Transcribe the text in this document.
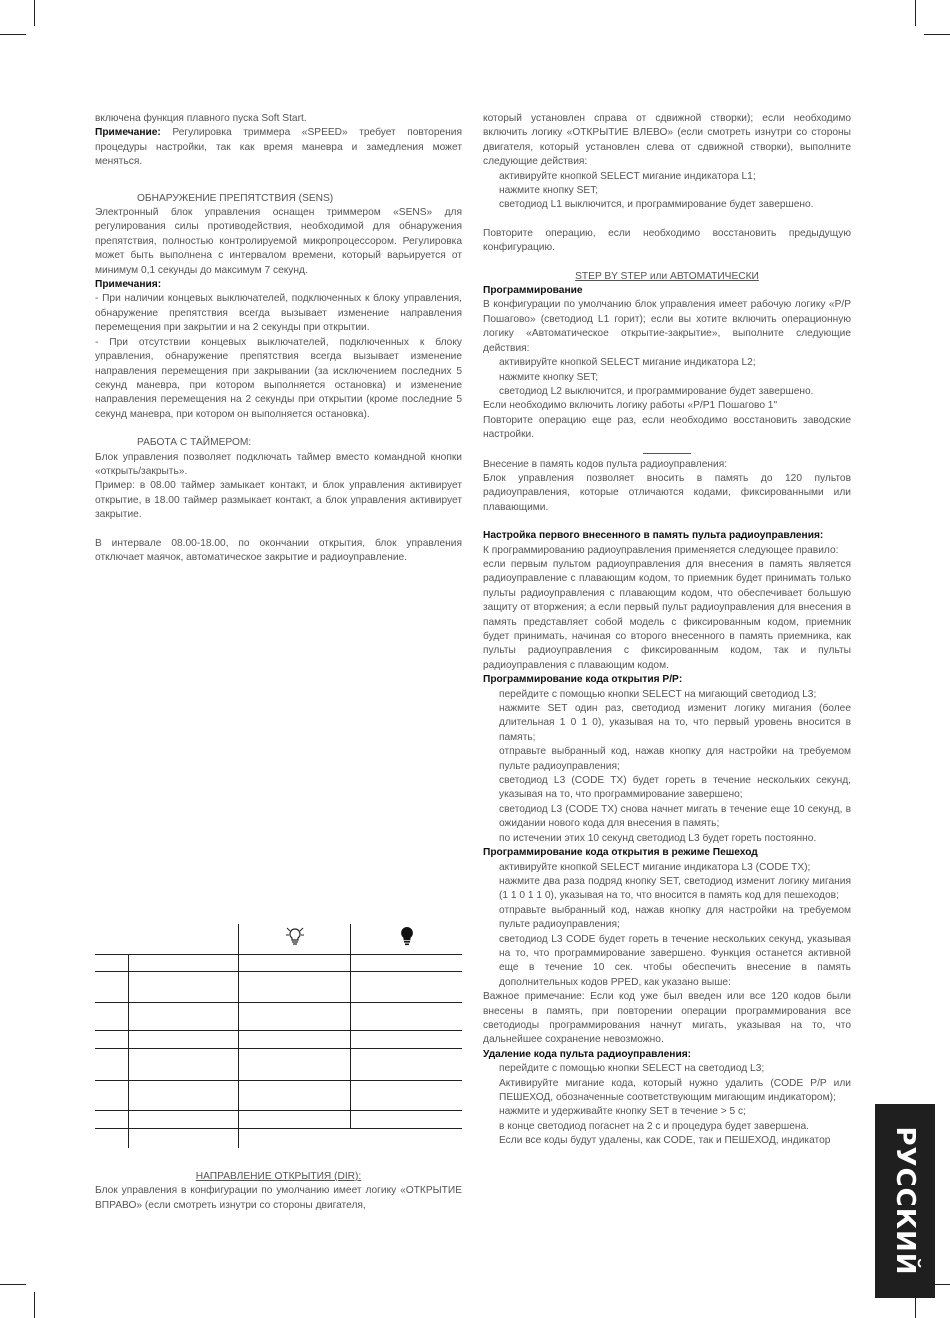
включена функция плавного пуска Soft Start.

Примечание: Регулировка триммера «SPEED» требует повторения процедуры настройки, так как время маневра и замедления может меняться.

ОБНАРУЖЕНИЕ ПРЕПЯТСТВИЯ (SENS)

Электронный блок управления оснащен триммером «SENS» для регулирования силы противодействия, необходимой для обнаружения препятствия, полностью контролируемой микропроцессором. Регулировка может быть выполнена с интервалом времени, который варьируется от минимум 0,1 секунды до максимум 7 секунд.

Примечания:

- При наличии концевых выключателей, подключенных к блоку управления, обнаружение препятствия всегда вызывает изменение направления перемещения при закрытии и на 2 секунды при открытии.

- При отсутствии концевых выключателей, подключенных к блоку управления, обнаружение препятствия всегда вызывает изменение направления перемещения при закрывании (за исключением последних 5 секунд маневра, при котором выполняется остановка) и изменение направления перемещения на 2 секунды при открытии (кроме последние 5 секунд маневра, при котором он выполняется остановка).

РАБОТА С ТАЙМЕРОМ:

Блок управления позволяет подключать таймер вместо командной кнопки «открыть/закрыть».

Пример: в 08.00 таймер замыкает контакт, и блок управления активирует открытие, в 18.00 таймер размыкает контакт, а блок управления активирует закрытие.

В интервале 08.00-18.00, по окончании открытия, блок управления отключает маячок, автоматическое закрытие и радиоуправление.

НАПРАВЛЕНИЕ ОТКРЫТИЯ (DIR):

Блок управления в конфигурации по умолчанию имеет логику «ОТКРЫТИЕ ВПРАВО» (если смотреть изнутри со стороны двигателя,

который установлен справа от сдвижной створки); если необходимо включить логику «ОТКРЫТИЕ ВЛЕВО» (если смотреть изнутри со стороны двигателя, который установлен слева от сдвижной створки), выполните следующие действия:

активируйте кнопкой SELECT мигание индикатора L1;

нажмите кнопку SET;

светодиод L1 выключится, и программирование будет завершено.

Повторите операцию, если необходимо восстановить предыдущую конфигурацию.

STEP BY STEP или АВТОМАТИЧЕСКИ

Программирование

В конфигурации по умолчанию блок управления имеет рабочую логику «P/P Пошагово» (светодиод L1 горит); если вы хотите включить операционную логику «Автоматическое открытие-закрытие», выполните следующие действия:

активируйте кнопкой SELECT мигание индикатора L2;

нажмите кнопку SET;

светодиод L2 выключится, и программирование будет завершено.

Если необходимо включить логику работы «P/P1 Пошагово 1"

Повторите операцию еще раз, если необходимо восстановить заводские настройки.

Внесение в память кодов пульта радиоуправления:

Блок управления позволяет вносить в память до 120 пультов радиоуправления, которые отличаются кодами, фиксированными или плавающими.

Настройка первого внесенного в память пульта радиоуправления:

К программированию радиоуправления применяется следующее правило:

если первым пультом радиоуправления для внесения в память является радиоуправление с плавающим кодом, то приемник будет принимать только пульты радиоуправления с плавающим кодом, что обеспечивает большую защиту от вторжения; а если первый пульт радиоуправления для внесения в память представляет собой модель с фиксированным кодом, приемник будет принимать, начиная со второго внесенного в память приемника, как пульты радиоуправления с фиксированным кодом, так и пульты радиоуправления с плавающим кодом.

Программирование кода открытия P/P:

перейдите с помощью кнопки SELECT на мигающий светодиод L3;

нажмите SET один раз, светодиод изменит логику мигания (более длительная 1 0 1 0), указывая на то, что первый уровень вносится в память;

отправьте выбранный код, нажав кнопку для настройки на требуемом пульте радиоуправления;

светодиод L3 (CODE TX) будет гореть в течение нескольких секунд, указывая на то, что программирование завершено;

светодиод L3 (CODE TX) снова начнет мигать в течение еще 10 секунд, в ожидании нового кода для внесения в память;

по истечении этих 10 секунд светодиод L3 будет гореть постоянно.

Программирование кода открытия в режиме Пешеход

активируйте кнопкой SELECT мигание индикатора L3 (CODE TX);

нажмите два раза подряд кнопку SET, светодиод изменит логику мигания (1 1 0 1 1 0), указывая на то, что вносится в память код для пешеходов;

отправьте выбранный код, нажав кнопку для настройки на требуемом пульте радиоуправления;

светодиод L3 CODE будет гореть в течение нескольких секунд, указывая на то, что программирование завершено. Функция останется активной еще в течение 10 сек. чтобы обеспечить внесение в память дополнительных кодов PPED, как указано выше:

Важное примечание: Если код уже был введен или все 120 кодов были внесены в память, при повторении операции программирования все светодиоды программирования начнут мигать, указывая на то, что дальнейшее сохранение невозможно.

Удаление кода пульта радиоуправления:

перейдите с помощью кнопки SELECT на светодиод L3;

Активируйте мигание кода, который нужно удалить (CODE P/P или ПЕШЕХОД, обозначенные соответствующим мигающим индикатором);

нажмите и удерживайте кнопку SET в течение > 5 с;

в конце светодиод погаснет на 2 с и процедура будет завершена.

Если все коды будут удалены, как CODE, так и ПЕШЕХОД, индикатор	РУССКИЙ
